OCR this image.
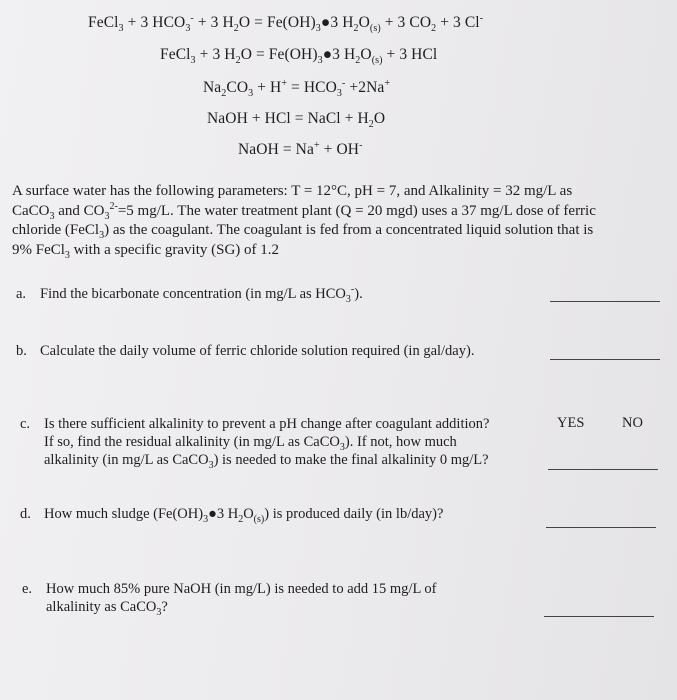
FeCl$_3$ + 3 $HCO_3^- + 3$ $H_2O$ = $Fe(OH)_3●3$ $H_2O_{(s)} + 3$ $CO_2 + 3$ Cl-
FeCl$_3$ + 3 $H_2O$ = $Fe(OH)_3●3$ $H_2O_{(s)} + 3$ HCl
$Na_2CO_3 + H^+ = HCO_3^- +2Na^+$
NaOH + HCl = NaCl + $H_2O$
NaOH = Na+ + OH-
A surface water has the following parameters: T = 12°C, pH = 7, and Alkalinity = 32 mg/L as
CaCO$_3$ and $CO_3^{2-}=5$ mg/L. The water treatment plant (Q = 20 mgd) uses a 37 mg/L dose of ferric
chloride (FeCl$_3$) as the coagulant. The coagulant is fed from a concentrated liquid solution that is
9% FeCl$_3$ with a specific gravity (SG) of 1.2
a. Find the bicarbonate concentration (in mg/L as $HCO_3^-$).
b. Calculate the daily volume of ferric chloride solution required (in gal/day).
c. Is there sufficient alkalinity to prevent a pH change after coagulant addition?
If so, find the residual alkalinity (in mg/L as CaCO$_3$). If not, how much
alkalinity (in mg/L as CaCO$_3$) is needed to make the final alkalinity 0 mg/L?
YES	NO
d. How much sludge ($Fe(OH)_3●3$ $H_2O_{(s)}$) is produced daily (in lb/day)?
e. How much 85% pure NaOH (in mg/L) is needed to add 15 mg/L of
alkalinity as CaCO$_3$?
